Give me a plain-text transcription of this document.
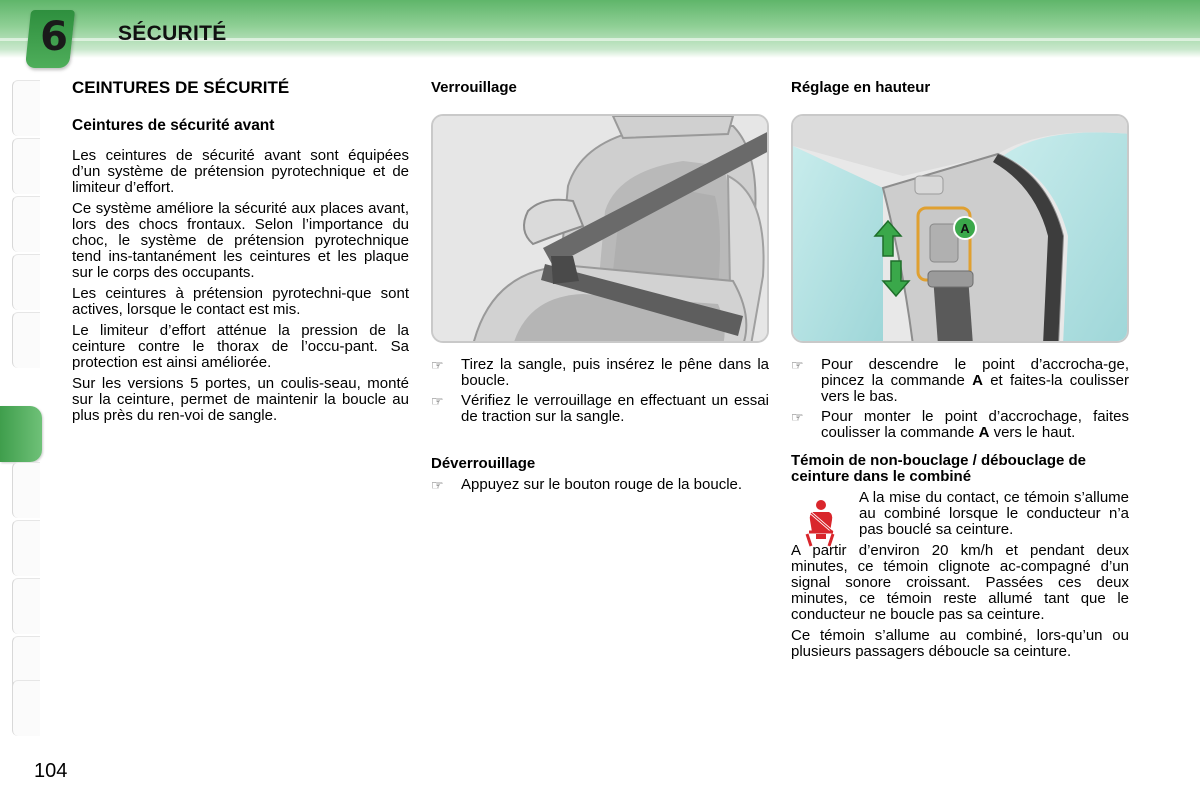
6 SÉCURITÉ
CEINTURES DE SÉCURITÉ
Ceintures de sécurité avant

Les ceintures de sécurité avant sont équipées d’un système de prétension pyrotechnique et de limiteur d’effort.

Ce système améliore la sécurité aux places avant, lors des chocs frontaux. Selon l’importance du choc, le système de prétension pyrotechnique tend ins-tantanément les ceintures et les plaque sur le corps des occupants.

Les ceintures à prétension pyrotechni-que sont actives, lorsque le contact est mis.

Le limiteur d’effort atténue la pression de la ceinture contre le thorax de l’occu-pant. Sa protection est ainsi améliorée.

Sur les versions 5 portes, un coulis-seau, monté sur la ceinture, permet de maintenir la boucle au plus près du ren-voi de sangle.

Verrouillage
☞ Tirez la sangle, puis insérez le pêne dans la boucle.
☞ Vérifiez le verrouillage en effectuant un essai de traction sur la sangle.
Déverrouillage
☞ Appuyez sur le bouton rouge de la boucle.
Réglage en hauteur
A
☞ Pour descendre le point d’accrocha-ge, pincez la commande A et faites-la coulisser vers le bas.
☞ Pour monter le point d’accrochage, faites coulisser la commande A vers le haut.
Témoin de non-bouclage / débouclage de ceinture dans le combiné

A la mise du contact, ce témoin s’allume au combiné lorsque le conducteur n’a pas bouclé sa ceinture.

A partir d’environ 20 km/h et pendant deux minutes, ce témoin clignote ac-compagné d’un signal sonore croissant. Passées ces deux minutes, ce témoin reste allumé tant que le conducteur ne boucle pas sa ceinture.

Ce témoin s’allume au combiné, lors-qu’un ou plusieurs passagers déboucle sa ceinture.

104
